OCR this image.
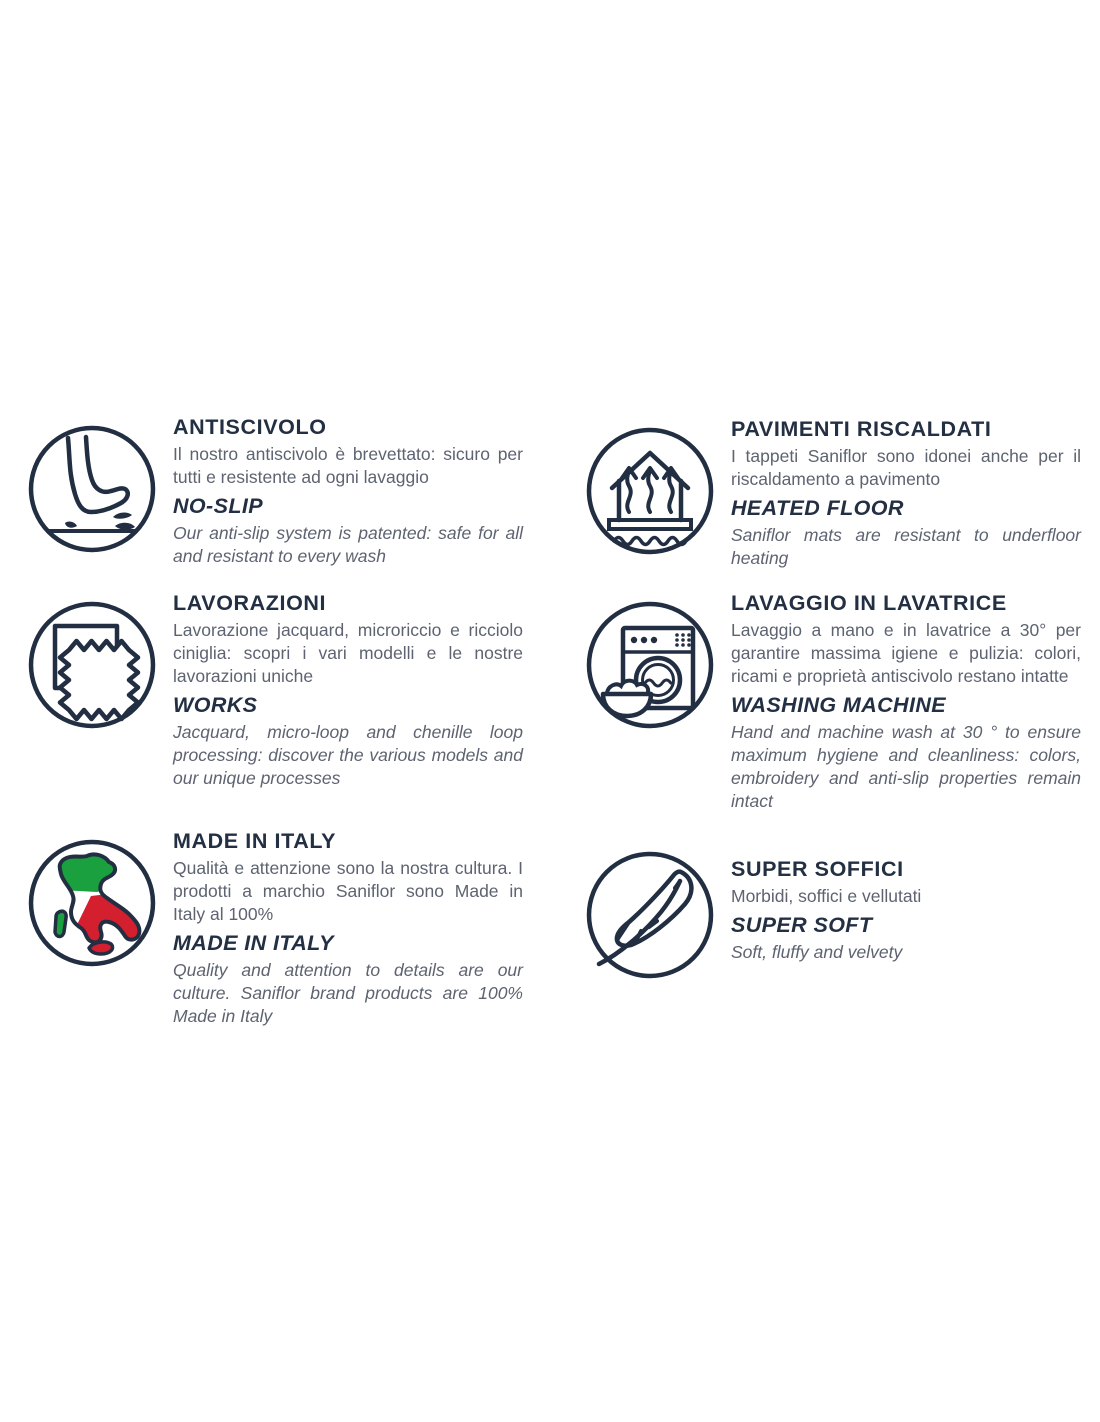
ANTISCIVOLO

Il nostro antiscivolo è brevettato: sicuro per tutti e resistente ad ogni lavaggio

NO-SLIP

Our anti-slip system is patented: safe for all and resistant to every wash

PAVIMENTI RISCALDATI

I tappeti Saniflor sono idonei anche per il riscaldamento a pavimento

HEATED FLOOR

Saniflor mats are resistant to underfloor heating

LAVORAZIONI

Lavorazione jacquard, microriccio e ricciolo ciniglia: scopri i vari modelli e le nostre lavorazioni uniche

WORKS

Jacquard, micro-loop and chenille loop processing: discover the various models and our unique processes

LAVAGGIO IN LAVATRICE

Lavaggio a mano e in lavatrice a 30° per garantire massima igiene e pulizia: colori, ricami e proprietà antiscivolo restano intatte

WASHING MACHINE

Hand and machine wash at 30 ° to ensure maximum hygiene and cleanliness: colors, embroidery and anti-slip properties remain intact

MADE IN ITALY

Qualità e attenzione sono la nostra cultura. I prodotti a marchio Saniflor sono Made in Italy al 100%

MADE IN ITALY

Quality and attention to details are our culture. Saniflor brand products are 100% Made in Italy

SUPER SOFFICI

Morbidi, soffici e vellutati

SUPER SOFT

Soft, fluffy and velvety
